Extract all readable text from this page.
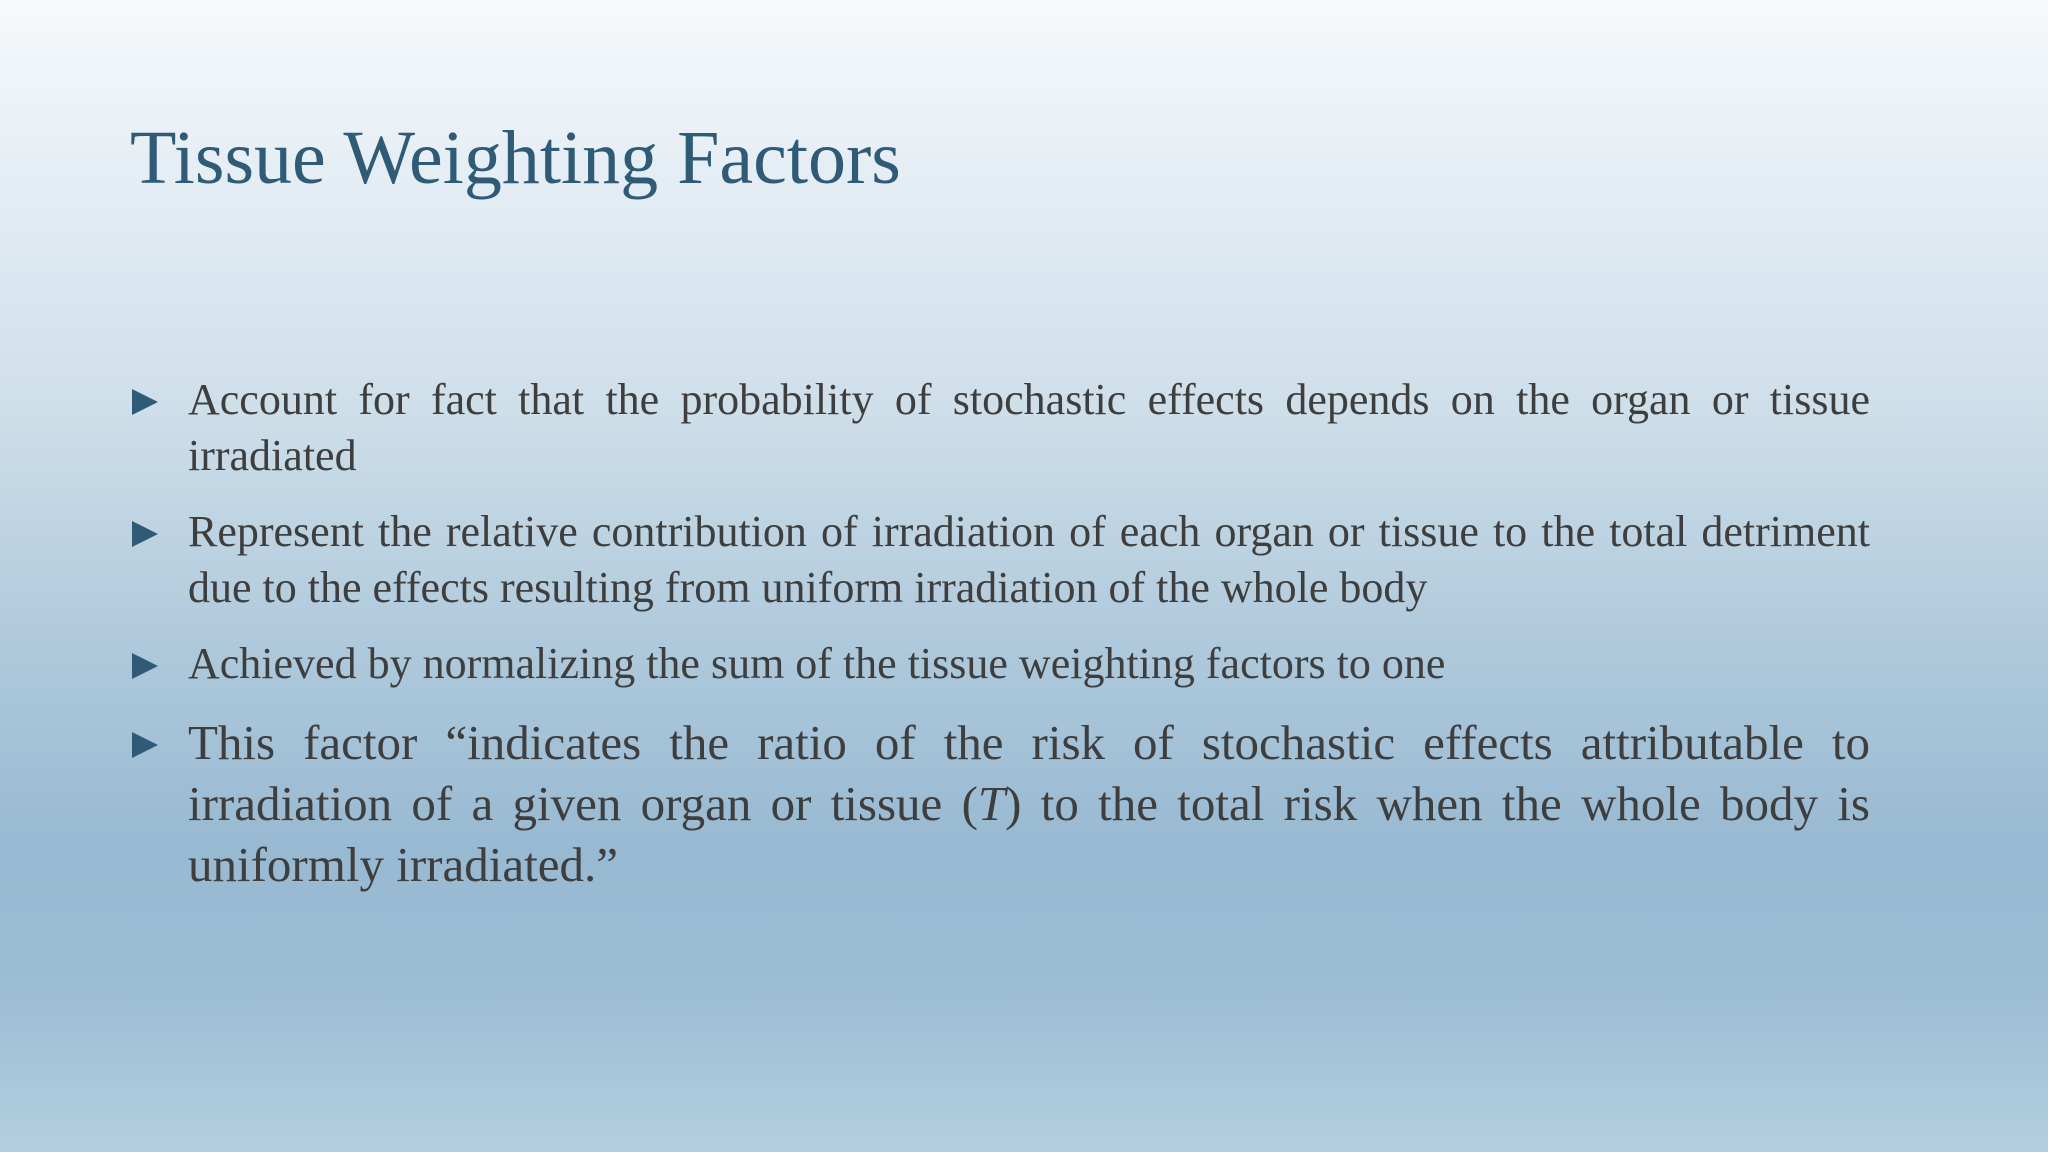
Tissue Weighting Factors
Account for fact that the probability of stochastic effects depends on the organ or tissue irradiated
Represent the relative contribution of irradiation of each organ or tissue to the total detriment due to the effects resulting from uniform irradiation of the whole body
Achieved by normalizing the sum of the tissue weighting factors to one
This factor “indicates the ratio of the risk of stochastic effects attributable to irradiation of a given organ or tissue (T) to the total risk when the whole body is uniformly irradiated.”
